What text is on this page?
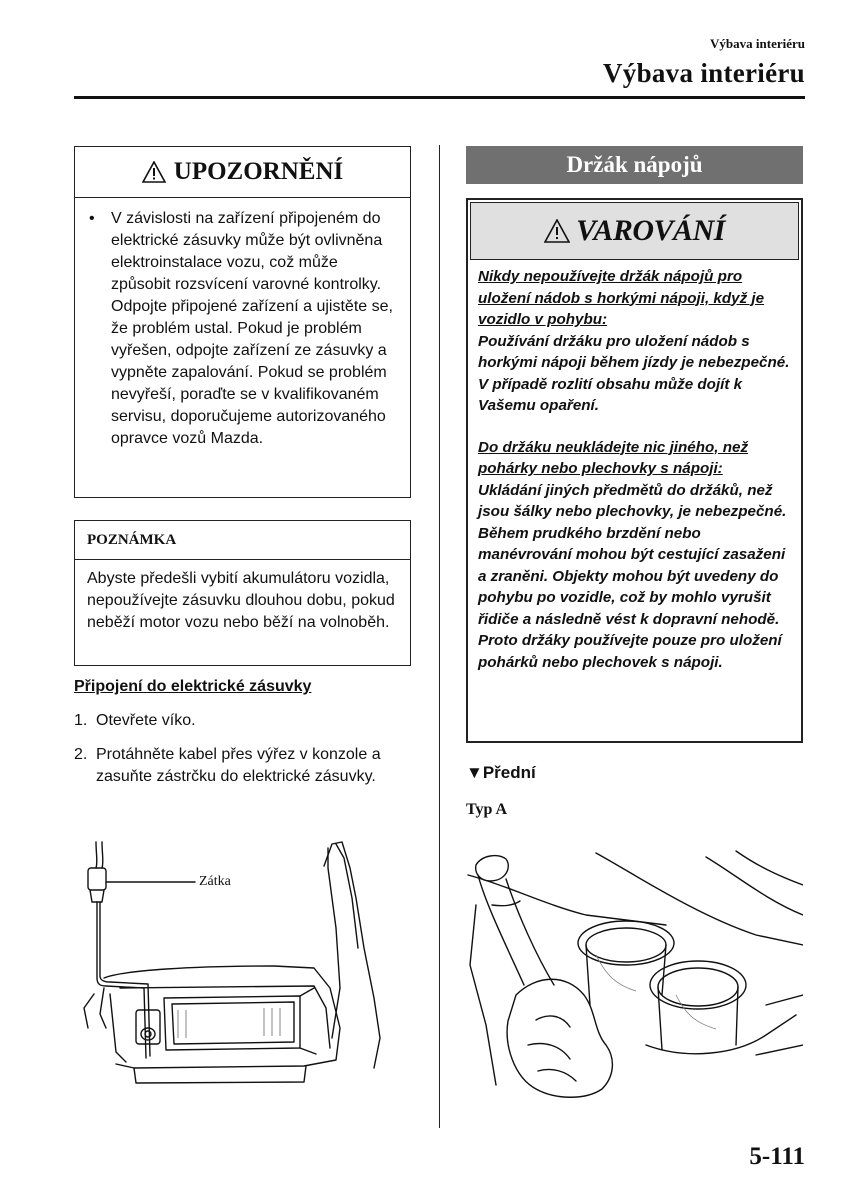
Výbava interiéru
Výbava interiéru
UPOZORNĚNÍ
•	V závislosti na zařízení připojeném do elektrické zásuvky může být ovlivněna elektroinstalace vozu, což může způsobit rozsvícení varovné kontrolky. Odpojte připojené zařízení a ujistěte se, že problém ustal. Pokud je problém vyřešen, odpojte zařízení ze zásuvky a vypněte zapalování. Pokud se problém nevyřeší, poraďte se v kvalifikovaném servisu, doporučujeme autorizovaného opravce vozů Mazda.
POZNÁMKA
Abyste předešli vybití akumulátoru vozidla, nepoužívejte zásuvku dlouhou dobu, pokud neběží motor vozu nebo běží na volnoběh.
Připojení do elektrické zásuvky
1. Otevřete víko.
2. Protáhněte kabel přes výřez v konzole a zasuňte zástrčku do elektrické zásuvky.
Zátka
Držák nápojů
VAROVÁNÍ

Nikdy nepoužívejte držák nápojů pro uložení nádob s horkými nápoji, když je vozidlo v pohybu:

Používání držáku pro uložení nádob s horkými nápoji během jízdy je nebezpečné. V případě rozlití obsahu může dojít k Vašemu opaření.

Do držáku neukládejte nic jiného, než pohárky nebo plechovky s nápoji:

Ukládání jiných předmětů do držáků, než jsou šálky nebo plechovky, je nebezpečné.

Během prudkého brzdění nebo manévrování mohou být cestující zasaženi a zraněni. Objekty mohou být uvedeny do pohybu po vozidle, což by mohlo vyrušit řidiče a následně vést k dopravní nehodě. Proto držáky používejte pouze pro uložení pohárků nebo plechovek s nápoji.

▼Přední
Typ A
5-111
